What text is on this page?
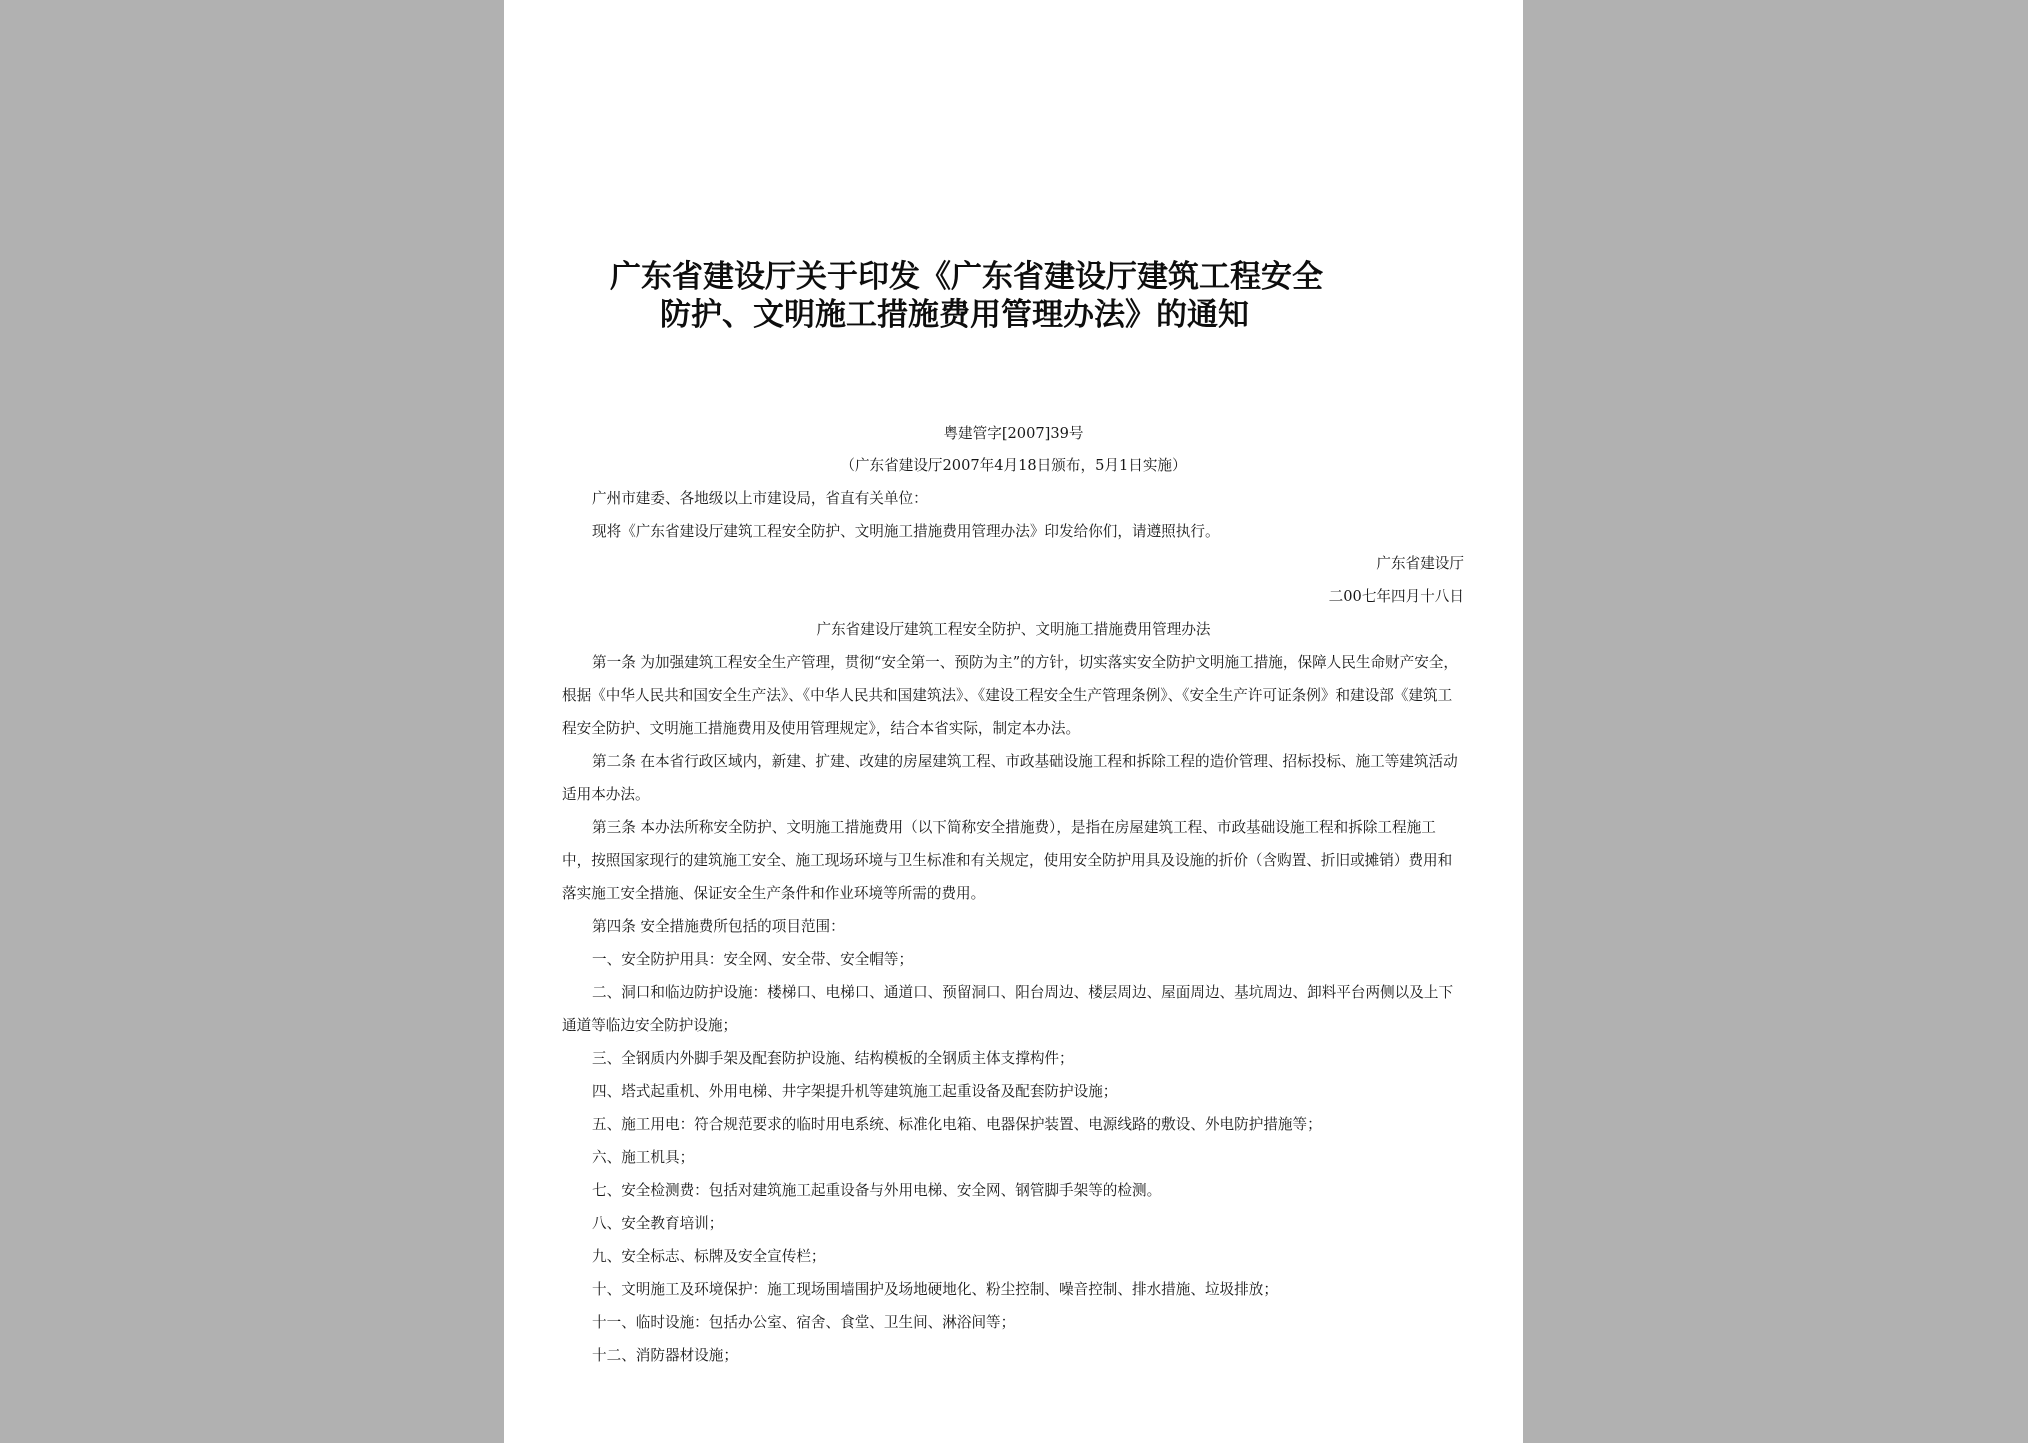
广东省建设厅关于印发《广东省建设厅建筑工程安全
防护、文明施工措施费用管理办法》的通知
粤建管字[2007]39号
（广东省建设厅2007年4月18日颁布，5月1日实施）
广州市建委、各地级以上市建设局，省直有关单位：
现将《广东省建设厅建筑工程安全防护、文明施工措施费用管理办法》印发给你们，请遵照执行。
广东省建设厅
二00七年四月十八日
广东省建设厅建筑工程安全防护、文明施工措施费用管理办法
第一条 为加强建筑工程安全生产管理，贯彻“安全第一、预防为主”的方针，切实落实安全防护文明施工措施，保障人民生命财产安全，根据《中华人民共和国安全生产法》、《中华人民共和国建筑法》、《建设工程安全生产管理条例》、《安全生产许可证条例》和建设部《建筑工程安全防护、文明施工措施费用及使用管理规定》，结合本省实际，制定本办法。
第二条 在本省行政区域内，新建、扩建、改建的房屋建筑工程、市政基础设施工程和拆除工程的造价管理、招标投标、施工等建筑活动适用本办法。
第三条 本办法所称安全防护、文明施工措施费用（以下简称安全措施费），是指在房屋建筑工程、市政基础设施工程和拆除工程施工中，按照国家现行的建筑施工安全、施工现场环境与卫生标准和有关规定，使用安全防护用具及设施的折价（含购置、折旧或摊销）费用和落实施工安全措施、保证安全生产条件和作业环境等所需的费用。
第四条 安全措施费所包括的项目范围：
一、安全防护用具：安全网、安全带、安全帽等；
二、洞口和临边防护设施：楼梯口、电梯口、通道口、预留洞口、阳台周边、楼层周边、屋面周边、基坑周边、卸料平台两侧以及上下通道等临边安全防护设施；
三、全钢质内外脚手架及配套防护设施、结构模板的全钢质主体支撑构件；
四、塔式起重机、外用电梯、井字架提升机等建筑施工起重设备及配套防护设施；
五、施工用电：符合规范要求的临时用电系统、标准化电箱、电器保护装置、电源线路的敷设、外电防护措施等；
六、施工机具；
七、安全检测费：包括对建筑施工起重设备与外用电梯、安全网、钢管脚手架等的检测。
八、安全教育培训；
九、安全标志、标牌及安全宣传栏；
十、文明施工及环境保护：施工现场围墙围护及场地硬地化、粉尘控制、噪音控制、排水措施、垃圾排放；
十一、临时设施：包括办公室、宿舍、食堂、卫生间、淋浴间等；
十二、消防器材设施；
